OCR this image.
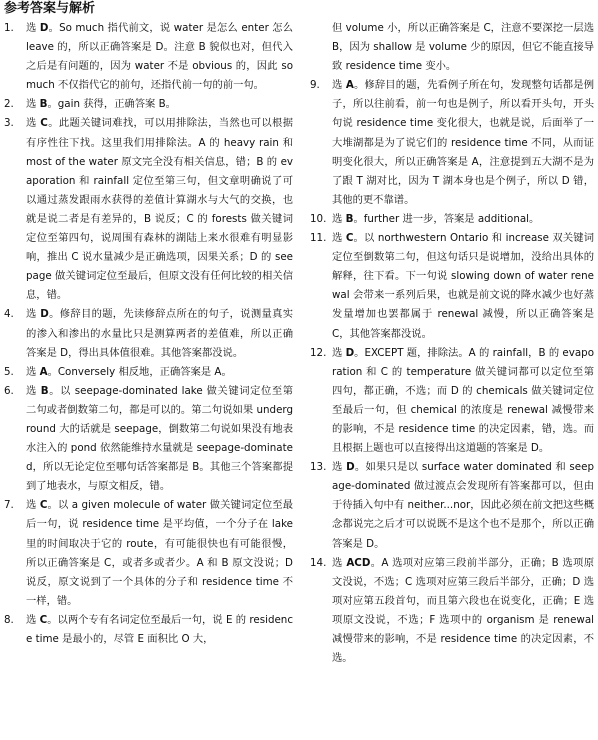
参考答案与解析
1.	选 D。So much 指代前文，说 water 是怎么 enter 怎么 leave 的，所以正确答案是 D。注意 B 貌似也对，但代入之后是有问题的，因为 water 不是 obvious 的，因此 so much 不仅指代它的前句，还指代前一句的前一句。
2.	选 B。gain 获得，正确答案 B。
3.	选 C。此题关键词难找，可以用排除法，当然也可以根据有序性往下找。这里我们用排除法。A 的 heavy rain 和 most of the water 原文完全没有相关信息，错；B 的 evaporation 和 rainfall 定位至第三句，但文章明确说了可以通过蒸发跟雨水获得的差值计算湖水与大气的交换，也就是说二者是有差异的，B 说反；C 的 forests 做关键词定位至第四句，说周围有森林的湖陆上来水很难有明显影响，推出 C 说水量减少是正确选项，因果关系；D 的 seepage 做关键词定位至最后，但原文没有任何比较的相关信息，错。
4.	选 D。修辞目的题，先读修辞点所在的句子，说测量真实的渗入和渗出的水量比只是测算两者的差值难，所以正确答案是 D，得出具体值很难。其他答案都没说。
5.	选 A。Conversely 相反地，正确答案是 A。
6.	选 B。以 seepage-dominated lake 做关键词定位至第二句或者倒数第二句，都是可以的。第二句说如果 underground 大的话就是 seepage，倒数第二句说如果没有地表水注入的 pond 依然能维持水量就是 seepage-dominated，所以无论定位至哪句话答案都是 B。其他三个答案都提到了地表水，与原文相反，错。
7.	选 C。以 a given molecule of water 做关键词定位至最后一句，说 residence time 是平均值，一个分子在 lake 里的时间取决于它的 route，有可能很快也有可能很慢，所以正确答案是 C，或者多或者少。A 和 B 原文没说；D 说反，原文说到了一个具体的分子和 residence time 不一样，错。
8.	选 C。以两个专有名词定位至最后一句，说 E 的 residence time 是最小的，尽管 E 面积比 O 大，
但 volume 小，所以正确答案是 C，注意不要深挖一层选 B，因为 shallow 是 volume 少的原因，但它不能直接导致 residence time 变小。
9.	选 A。修辞目的题，先看例子所在句，发现整句话都是例子，所以往前看，前一句也是例子，所以看开头句，开头句说 residence time 变化很大，也就是说，后面举了一大堆湖都是为了说它们的 residence time 不同，从而证明变化很大，所以正确答案是 A，注意提到五大湖不是为了跟 T 湖对比，因为 T 湖本身也是个例子，所以 D 错，其他的更不靠谱。
10. 选 B。further 进一步，答案是 additional。
11. 选 C。以 northwestern Ontario 和 increase 双关键词定位至倒数第二句，但这句话只是说增加，没给出具体的解释，往下看。下一句说 slowing down of water renewal 会带来一系列后果，也就是前文说的降水减少也好蒸发量增加也罢都属于 renewal 减慢，所以正确答案是 C，其他答案都没说。
12. 选 D。EXCEPT 题，排除法。A 的 rainfall，B 的 evaporation 和 C 的 temperature 做关键词都可以定位至第四句，都正确，不选；而 D 的 chemicals 做关键词定位至最后一句，但 chemical 的浓度是 renewal 减慢带来的影响，不是 residence time 的决定因素，错，选。而且根据上题也可以直接得出这道题的答案是 D。
13. 选 D。如果只是以 surface water dominated 和 seepage-dominated 做过渡点会发现所有答案都可以，但由于待插入句中有 neither...nor，因此必须在前文把这些概念都说完之后才可以说既不是这个也不是那个，所以正确答案是 D。
14. 选 ACD。A 选项对应第三段前半部分，正确；B 选项原文没说，不选；C 选项对应第三段后半部分，正确；D 选项对应第五段首句，而且第六段也在说变化，正确；E 选项原文没说，不选；F 选项中的 organism 是 renewal 减慢带来的影响，不是 residence time 的决定因素，不选。
